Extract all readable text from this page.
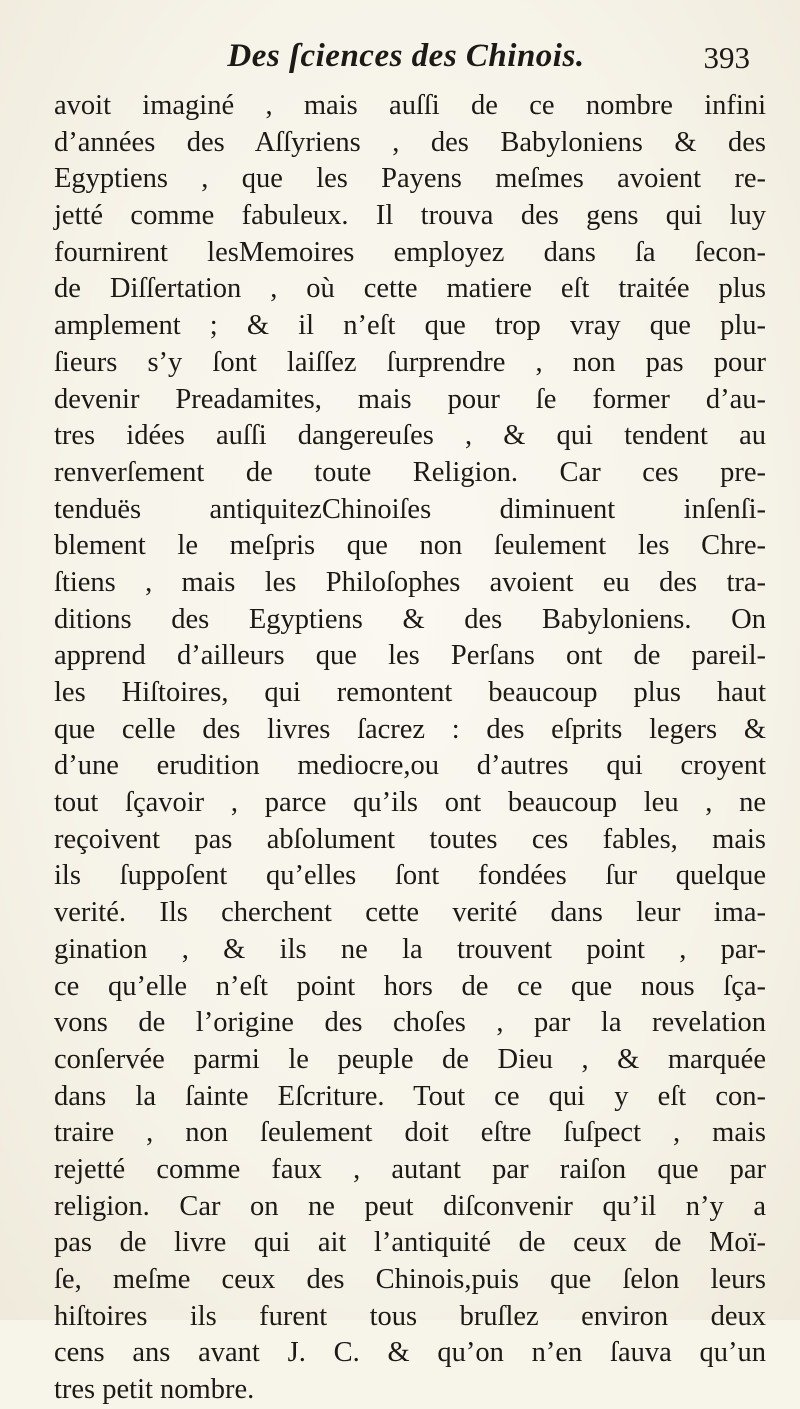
Des ſciences des Chinois.	393
avoit imaginé , mais auſſi de ce nombre infini
d’années des Aſſyriens , des Babyloniens & des
Egyptiens , que les Payens meſmes avoient re-
jetté comme fabuleux. Il trouva des gens qui luy
fournirent lesMemoires employez dans ſa ſecon-
de Diſſertation , où cette matiere eſt traitée plus
amplement ; & il n’eſt que trop vray que plu-
ſieurs s’y ſont laiſſez ſurprendre , non pas pour
devenir Preadamites, mais pour ſe former d’au-
tres idées auſſi dangereuſes , & qui tendent au
renverſement de toute Religion. Car ces pre-
tenduës antiquitezChinoiſes diminuent inſenſi-
blement le meſpris que non ſeulement les Chre-
ſtiens , mais les Philoſophes avoient eu des tra-
ditions des Egyptiens & des Babyloniens. On
apprend d’ailleurs que les Perſans ont de pareil-
les Hiſtoires, qui remontent beaucoup plus haut
que celle des livres ſacrez : des eſprits legers &
d’une erudition mediocre,ou d’autres qui croyent
tout ſçavoir , parce qu’ils ont beaucoup leu , ne
reçoivent pas abſolument toutes ces fables, mais
ils ſuppoſent qu’elles ſont fondées ſur quelque
verité. Ils cherchent cette verité dans leur ima-
gination , & ils ne la trouvent point , par-
ce qu’elle n’eſt point hors de ce que nous ſça-
vons de l’origine des choſes , par la revelation
conſervée parmi le peuple de Dieu , & marquée
dans la ſainte Eſcriture. Tout ce qui y eſt con-
traire , non ſeulement doit eſtre ſuſpect , mais
rejetté comme faux , autant par raiſon que par
religion. Car on ne peut diſconvenir qu’il n’y a
pas de livre qui ait l’antiquité de ceux de Moï-
ſe, meſme ceux des Chinois,puis que ſelon leurs
hiſtoires ils furent tous bruſlez environ deux
cens ans avant J. C. & qu’on n’en ſauva qu’un
tres petit nombre.
